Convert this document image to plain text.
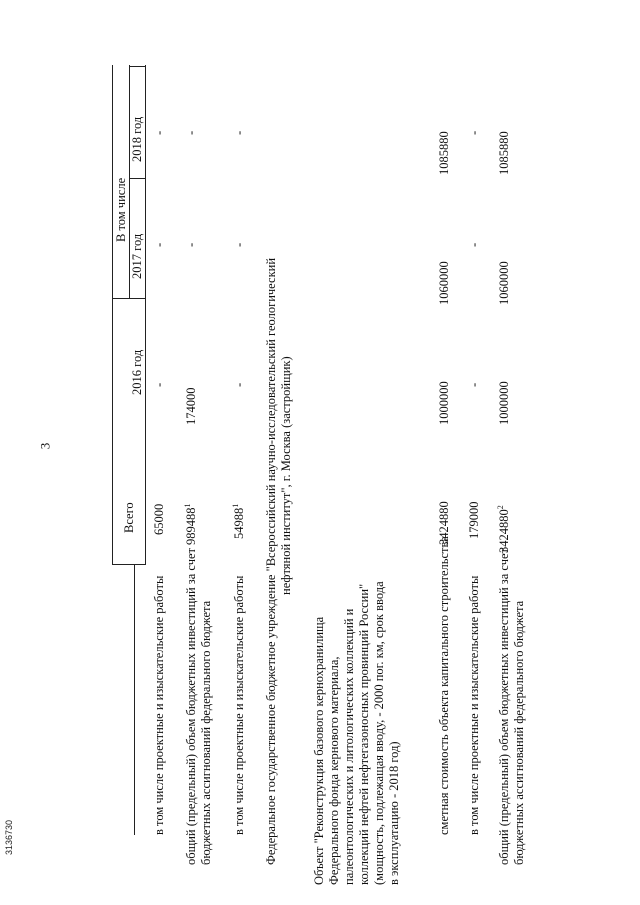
3
3136730
Всего
В том числе
2016 год
2017 год
2018 год
в том числе проектные и изыскательские работы
65000
-
-
-
общий (предельный) объем бюджетных инвестиций за счет бюджетных ассигнований федерального бюджета
989488$^1$
174000
-
-
в том числе проектные и изыскательские работы
54988$^1$
-
-
-
Федеральное государственное бюджетное учреждение "Всероссийский научно-исследовательский геологический нефтяной институт", г. Москва (застройщик)
Объект "Реконструкция базового кернохранилища Федерального фонда кернового материала, палеонтологических и литологических коллекций и коллекций нефтей нефтегазоносных провинций России" (мощность, подлежащая вводу, - 2000 пог. км, срок ввода в эксплуатацию - 2018 год)	сметная стоимость объекта капитального строительства
3424880
1000000
1060000
1085880
в том числе проектные и изыскательские работы
179000
-
-
-
общий (предельный) объем бюджетных инвестиций за счет бюджетных ассигнований федерального бюджета
3424880$^2$
1000000
1060000
1085880
